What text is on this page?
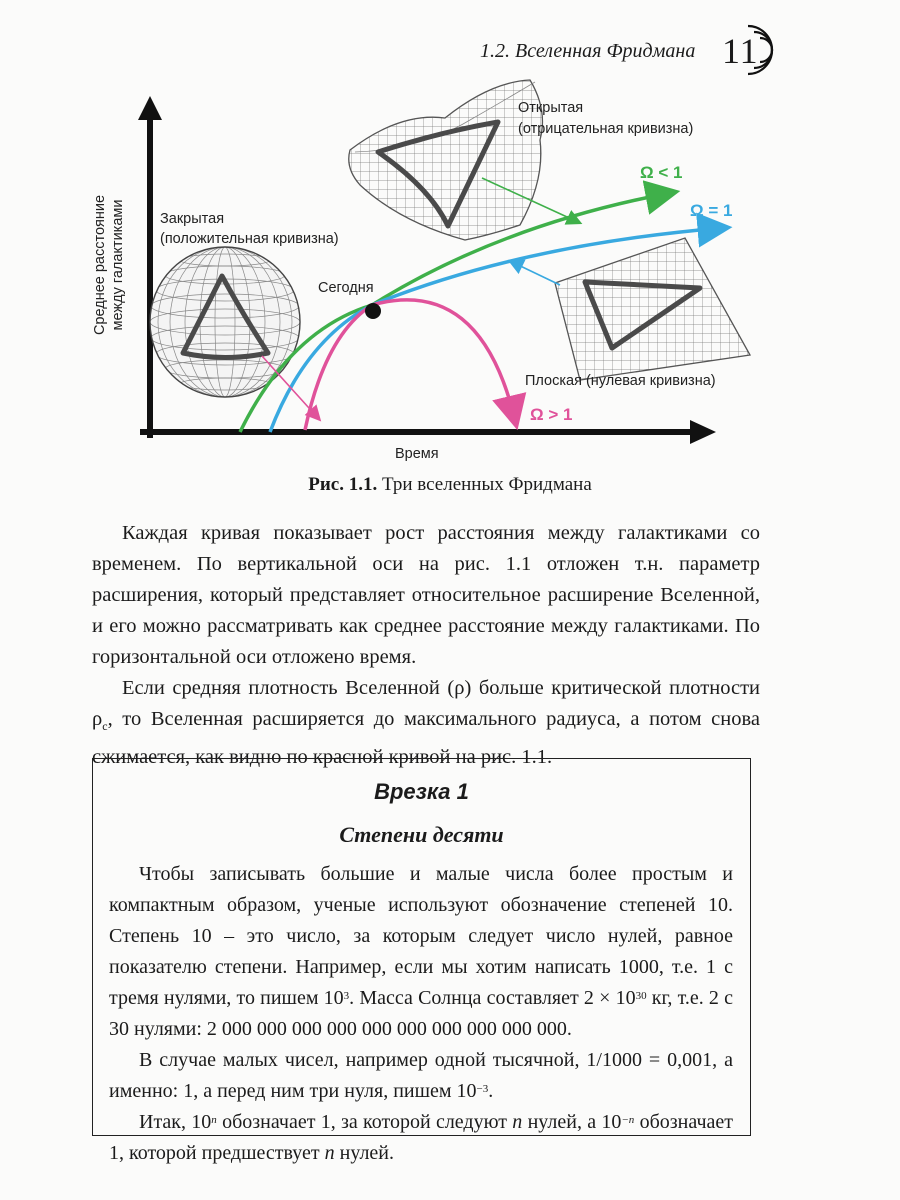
1.2. Вселенная Фридмана 11
Среднее расстояние между галактиками
Время
Закрытая
(положительная кривизна)
Открытая
(отрицательная кривизна)
Плоская (нулевая кривизна)
Сегодня
Ω < 1
Ω = 1
Ω > 1
Рис. 1.1. Три вселенных Фридмана

Каждая кривая показывает рост расстояния между галактиками со временем. По вертикальной оси на рис. 1.1 отложен т.н. параметр расширения, который представляет относительное расширение Вселенной, и его можно рассматривать как среднее расстояние между галактиками. По горизонтальной оси отложено время.

Если средняя плотность Вселенной (ρ) больше критической плотности $\rho_c$, то Вселенная расширяется до максимального радиуса, а потом снова сжимается, как видно по красной кривой на рис. 1.1.

Врезка 1
Степени десяти

Чтобы записывать большие и малые числа более простым и компактным образом, ученые используют обозначение степеней 10. Степень 10 – это число, за которым следует число нулей, равное показателю степени. Например, если мы хотим написать 1000, т.е. 1 с тремя нулями, то пишем $10^3$. Масса Солнца составляет $2 \times 10^{30}$ кг, т.е. 2 с 30 нулями: 2 000 000 000 000 000 000 000 000 000 000.

В случае малых чисел, например одной тысячной, 1/1000 = 0,001, а именно: 1, а перед ним три нуля, пишем $10^{-3}$.

Итак, 10$^n$ обозначает 1, за которой следуют n нулей, а $10^{-n}$ обозначает 1, которой предшествует n нулей.
